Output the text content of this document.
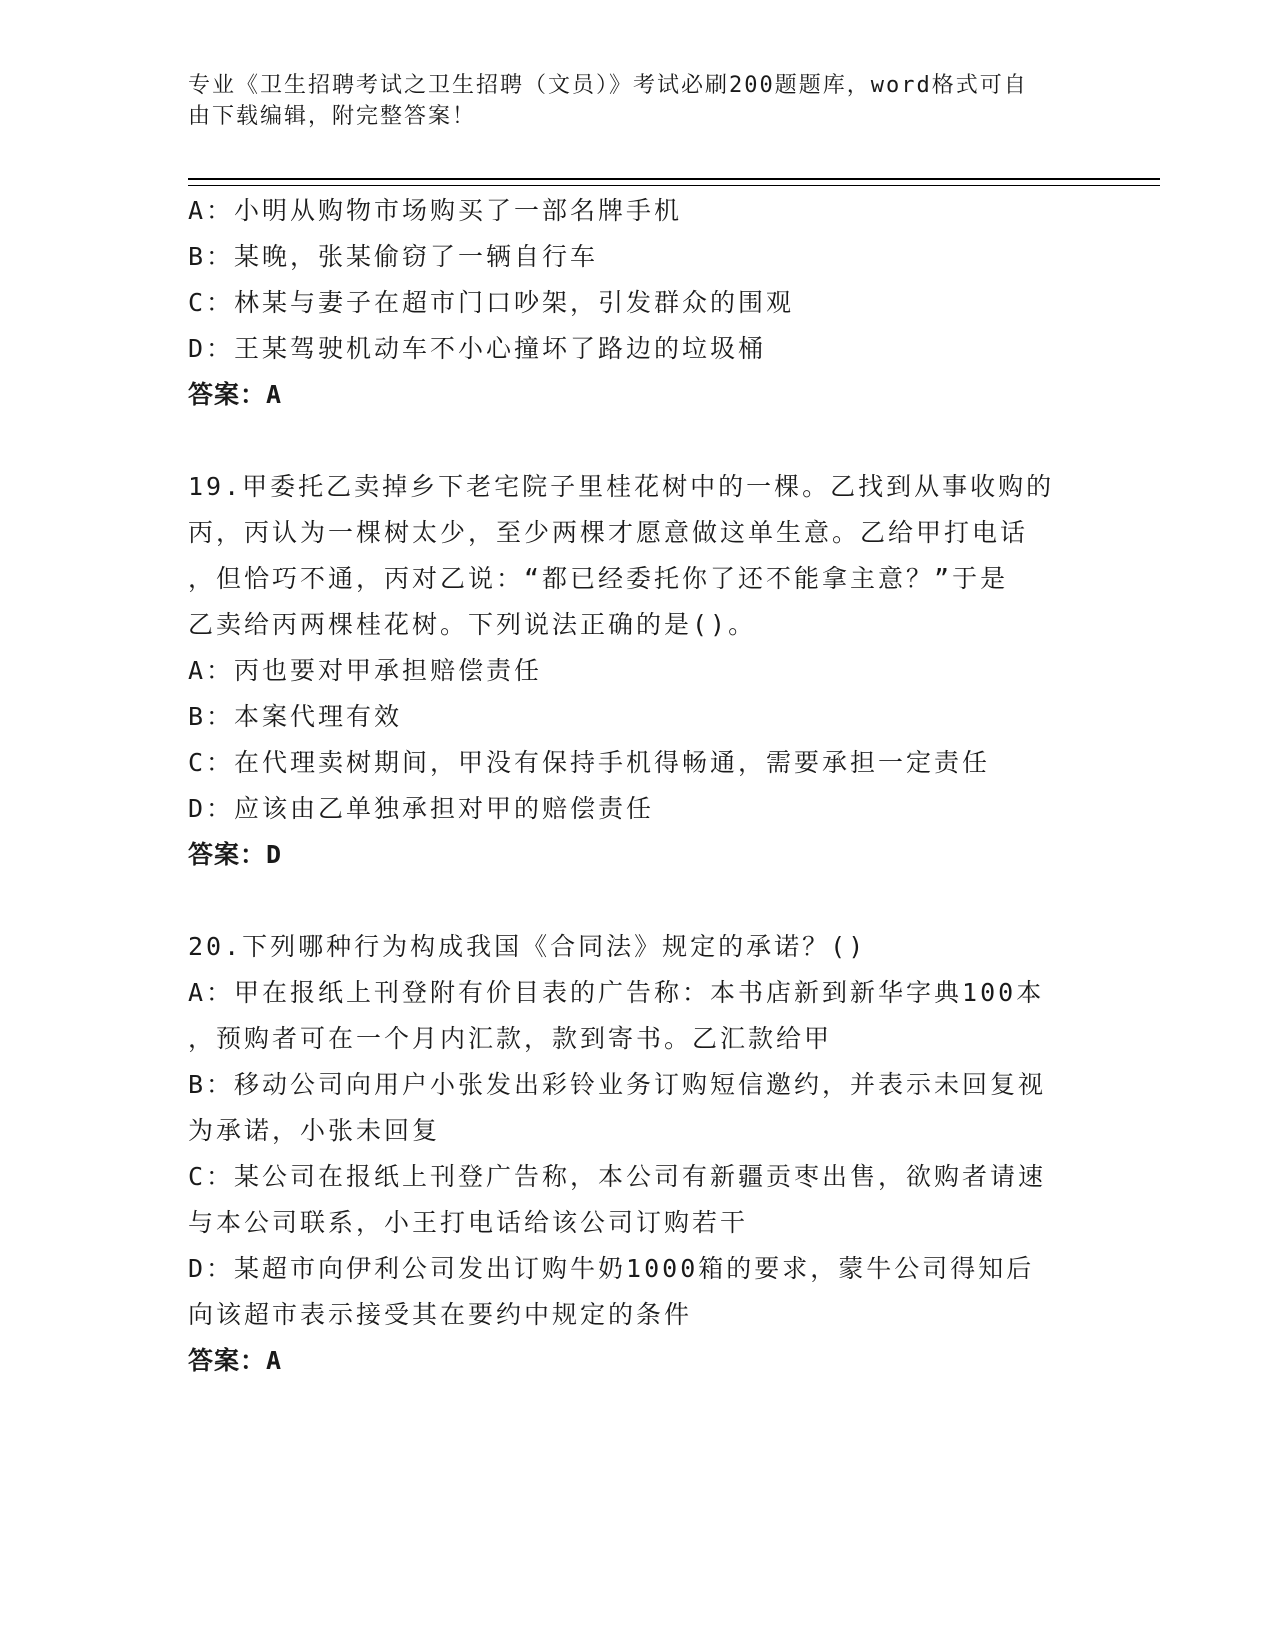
专业《卫生招聘考试之卫生招聘（文员）》考试必刷200题题库，word格式可自
由下载编辑，附完整答案！
A：小明从购物市场购买了一部名牌手机
B：某晚，张某偷窃了一辆自行车
C：林某与妻子在超市门口吵架，引发群众的围观
D：王某驾驶机动车不小心撞坏了路边的垃圾桶
答案：A
19.甲委托乙卖掉乡下老宅院子里桂花树中的一棵。乙找到从事收购的
丙，丙认为一棵树太少，至少两棵才愿意做这单生意。乙给甲打电话
，但恰巧不通，丙对乙说：“都已经委托你了还不能拿主意？”于是
乙卖给丙两棵桂花树。下列说法正确的是()。
A：丙也要对甲承担赔偿责任
B：本案代理有效
C：在代理卖树期间，甲没有保持手机得畅通，需要承担一定责任
D：应该由乙单独承担对甲的赔偿责任
答案：D
20.下列哪种行为构成我国《合同法》规定的承诺？()
A：甲在报纸上刊登附有价目表的广告称：本书店新到新华字典100本
，预购者可在一个月内汇款，款到寄书。乙汇款给甲
B：移动公司向用户小张发出彩铃业务订购短信邀约，并表示未回复视
为承诺，小张未回复
C：某公司在报纸上刊登广告称，本公司有新疆贡枣出售，欲购者请速
与本公司联系，小王打电话给该公司订购若干
D：某超市向伊利公司发出订购牛奶1000箱的要求，蒙牛公司得知后
向该超市表示接受其在要约中规定的条件
答案：A
